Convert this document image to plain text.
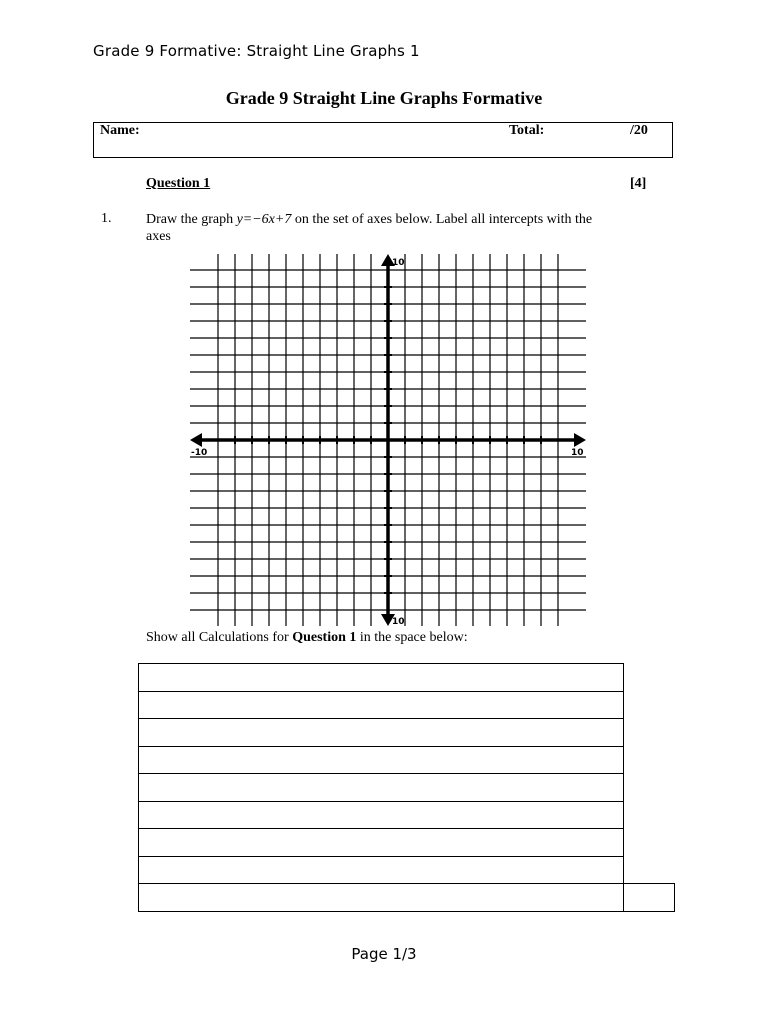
Grade 9 Formative: Straight Line Graphs 1
Grade 9 Straight Line Graphs Formative
Name:	Total:	/20
Question 1	[4]
1. Draw the graph y=−6x+7 on the set of axes below. Label all intercepts with the axes
-10	10
10
10
Show all Calculations for Question 1 in the space below:

Page 1/3
